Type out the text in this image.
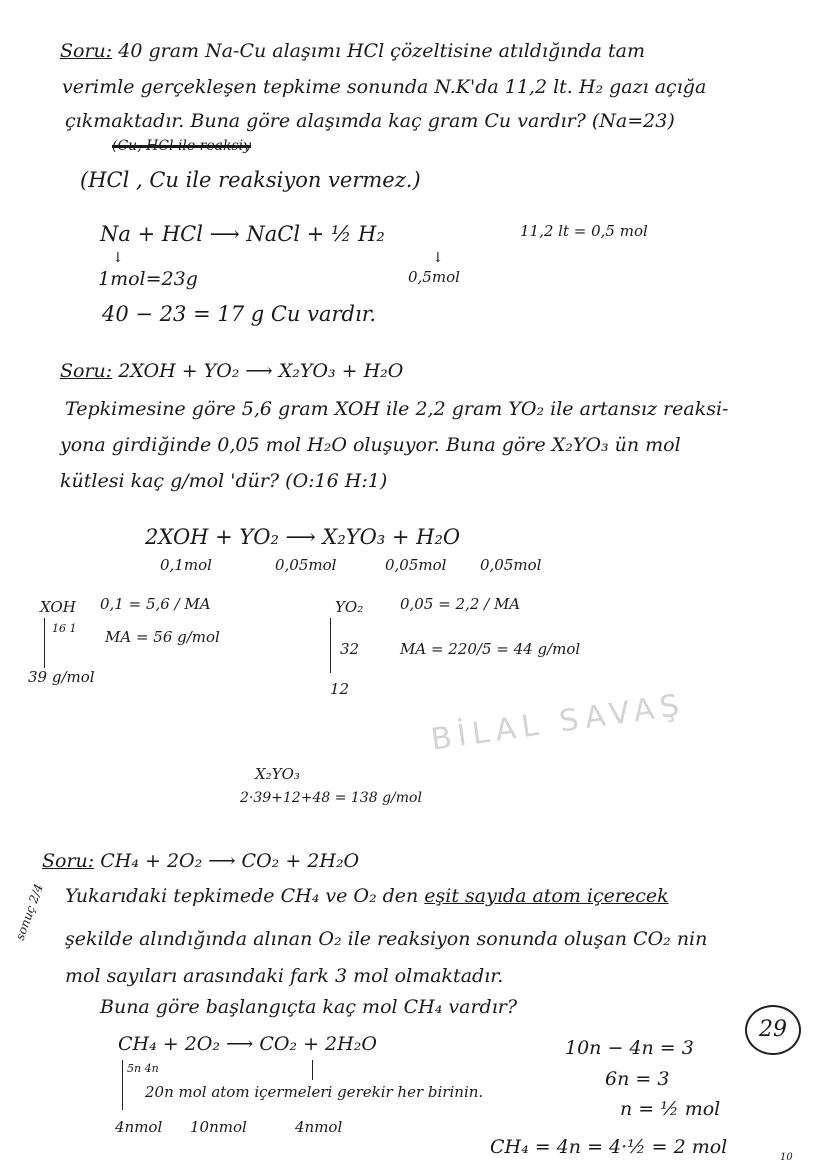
BİLAL SAVAŞ
Soru: 40 gram Na-Cu alaşımı HCl çözeltisine atıldığında tam
verimle gerçekleşen tepkime sonunda N.K'da 11,2 lt. H₂ gazı açığa
çıkmaktadır. Buna göre alaşımda kaç gram Cu vardır? (Na=23)
(Cu, HCl ile reaksiy
(HCl , Cu ile reaksiyon vermez.)
Na + HCl ⟶ NaCl + ½ H₂	11,2 lt = 0,5 mol
↓	↓
1mol=23g	0,5mol
40 − 23 = 17 g Cu vardır.
Soru: 2XOH + YO₂ ⟶ X₂YO₃ + H₂O
Tepkimesine göre 5,6 gram XOH ile 2,2 gram YO₂ ile artansız reaksi-
yona girdiğinde 0,05 mol H₂O oluşuyor. Buna göre X₂YO₃ ün mol
kütlesi kaç g/mol 'dür? (O:16 H:1)
2XOH + YO₂ ⟶ X₂YO₃ + H₂O
0,1mol	0,05mol	0,05mol 0,05mol
XOH 0,1 = 5,6 / MA
16 1 MA = 56 g/mol
39 g/mol
YO₂ 0,05 = 2,2 / MA
32	MA = 220/5 = 44 g/mol
12
X₂YO₃
2·39+12+48 = 138 g/mol
Soru: CH₄ + 2O₂ ⟶ CO₂ + 2H₂O
sonuç 2/4 Yukarıdaki tepkimede CH₄ ve O₂ den eşit sayıda atom içerecek
şekilde alındığında alınan O₂ ile reaksiyon sonunda oluşan CO₂ nin
mol sayıları arasındaki fark 3 mol olmaktadır.
Buna göre başlangıçta kaç mol CH₄ vardır?
29
CH₄ + 2O₂ ⟶ CO₂ + 2H₂O
5n 4n
20n mol atom içermeleri gerekir her birinin.
4nmol 10nmol	4nmol
10n − 4n = 3
6n = 3
n = ½ mol
CH₄ = 4n = 4·½ = 2 mol	10
